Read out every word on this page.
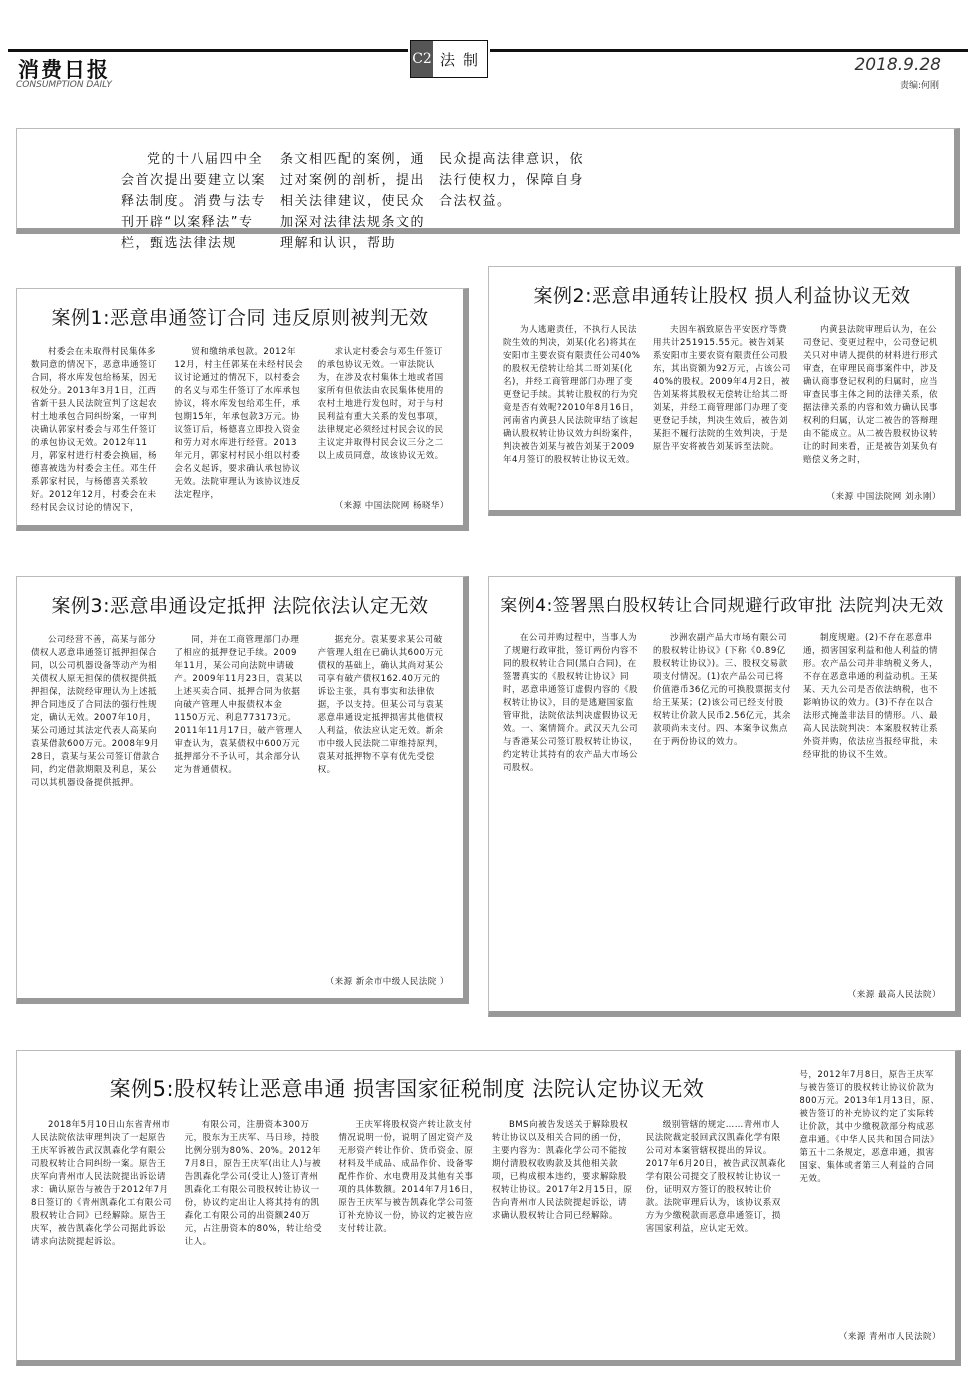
消费日报
CONSUMPTION DAILY
C2 法制	2018.9.28
责编:何刚
党的十八届四中全会首次提出要建立以案释法制度。消费与法专刊开辟“以案释法”专栏，甄选法律法规
条文相匹配的案例，通过对案例的剖析，提出相关法律建议，使民众加深对法律法规条文的理解和认识，帮助
民众提高法律意识，依法行使权力，保障自身合法权益。
案例1:恶意串通签订合同 违反原则被判无效

村委会在未取得村民集体多数同意的情况下，恶意串通签订合同，将水库发包给杨某，因无权处分。2013年3月1日，江西省新干县人民法院宣判了这起农村土地承包合同纠纷案，一审判决确认郭家村委会与邓生仟签订的承包协议无效。2012年11月，郭家村进行村委会换届，杨德喜被选为村委会主任。邓生仟系郭家村民，与杨德喜关系较好。2012年12月，村委会在未经村民会议讨论的情况下，

贸和缴纳承包款。2012年12月，村主任郭某在未经村民会议讨论通过的情况下，以村委会的名义与邓生仟签订了水库承包协议，将水库发包给邓生仟，承包期15年，年承包款3万元。协议签订后，杨德喜立即投入资金和劳力对水库进行经营。2013年元月，郭家村村民小组以村委会名义起诉，要求确认承包协议无效。法院审理认为该协议违反法定程序，

求认定村委会与邓生仟签订的承包协议无效。一审法院认为，在涉及农村集体土地或者国家所有但依法由农民集体使用的农村土地进行发包时，对于与村民利益有重大关系的发包事项，法律规定必须经过村民会议的民主议定并取得村民会议三分之二以上成员同意，故该协议无效。

（来源 中国法院网 杨晓华）
案例2:恶意串通转让股权 损人利益协议无效

为人逃避责任，不执行人民法院生效的判决，刘某(化名)将其在安阳市主要农资有限责任公司40%的股权无偿转让给其二哥刘某(化名)，并经工商管理部门办理了变更登记手续。其转让股权的行为究竟是否有效呢?2010年8月16日，河南省内黄县人民法院审结了该起确认股权转让协议效力纠纷案件，判决被告刘某与被告刘某于2009年4月签订的股权转让协议无效。

夫因车祸致原告平安医疗等费用共计251915.55元。被告刘某系安阳市主要农资有限责任公司股东，其出资额为92万元，占该公司40%的股权。2009年4月2日，被告刘某将其股权无偿转让给其二哥刘某，并经工商管理部门办理了变更登记手续，判决生效后，被告刘某拒不履行法院的生效判决，于是原告平安将被告刘某诉至法院。

内黄县法院审理后认为，在公司登记、变更过程中，公司登记机关只对申请人提供的材料进行形式审查，在审理民商事案件中，涉及确认商事登记权利的归属时，应当审查民事主体之间的法律关系，依据法律关系的内容和效力确认民事权利的归属，认定二被告的答辩理由不能成立。从二被告股权协议转让的时间来看，正是被告刘某负有赔偿义务之时，

（来源 中国法院网 刘永刚）
案例3:恶意串通设定抵押 法院依法认定无效

公司经营不善，高某与部分债权人恶意串通签订抵押担保合同，以公司机器设备等动产为相关债权人原无担保的债权提供抵押担保，法院经审理认为上述抵押合同违反了合同法的强行性规定，确认无效。2007年10月，某公司通过其法定代表人高某向袁某借款600万元。2008年9月28日，袁某与某公司签订借款合同，约定借款期限及利息，某公司以其机器设备提供抵押。

同，并在工商管理部门办理了相应的抵押登记手续。2009年11月，某公司向法院申请破产。2009年11月23日，袁某以上述买卖合同、抵押合同为依据向破产管理人申报债权本金1150万元、利息773173元。2011年11月17日，破产管理人审查认为，袁某债权中600万元抵押部分不予认可，其余部分认定为普通债权。

据充分。袁某要求某公司破产管理人组在已确认其600万元债权的基础上，确认其尚对某公司享有破产债权162.40万元的诉讼主张，具有事实和法律依据，予以支持。但某公司与袁某恶意串通设定抵押损害其他债权人利益，依法应认定无效。新余市中级人民法院二审维持原判，袁某对抵押物不享有优先受偿权。

（来源 新余市中级人民法院 ）
案例4:签署黑白股权转让合同规避行政审批 法院判决无效

在公司并购过程中，当事人为了规避行政审批，签订两份内容不同的股权转让合同(黑白合同)，在签署真实的《股权转让协议》同时，恶意串通签订虚假内容的《股权转让协议》，目的是逃避国家监管审批，法院依法判决虚假协议无效。一、案情简介。武汉天九公司与香港某公司签订股权转让协议，约定转让其持有的农产品大市场公司股权。

沙洲农副产品大市场有限公司的股权转让协议》(下称《0.89亿股权转让协议》)。三、股权交易款项支付情况。(1)农产品公司已将价值港币36亿元的可换股票据支付给王某某；(2)该公司已经支付股权转让价款人民币2.56亿元，其余款项尚未支付。四、本案争议焦点在于两份协议的效力。

制度规避。(2)不存在恶意串通，损害国家利益和他人利益的情形。农产品公司并非纳税义务人，不存在恶意串通的利益动机。王某某、天九公司是否依法纳税，也不影响协议的效力。(3)不存在以合法形式掩盖非法目的情形。八、最高人民法院判决：本案股权转让系外资并购，依法应当报经审批，未经审批的协议不生效。

（来源 最高人民法院）
案例5:股权转让恶意串通 损害国家征税制度 法院认定协议无效

2018年5月10日山东省青州市人民法院依法审理判决了一起原告王庆军诉被告武汉凯森化学有限公司股权转让合同纠纷一案。原告王庆军向青州市人民法院提出诉讼请求：确认原告与被告于2012年7月8日签订的《青州凯森化工有限公司股权转让合同》已经解除。原告王庆军，被告凯森化学公司据此诉讼请求向法院提起诉讼。

有限公司，注册资本300万元，股东为王庆军、马日珍，持股比例分别为80%、20%。2012年7月8日，原告王庆军(出让人)与被告凯森化学公司(受让人)签订青州凯森化工有限公司股权转让协议一份，协议约定出让人将其持有的凯森化工有限公司的出资额240万元，占注册资本的80%，转让给受让人。

王庆军将股权资产转让款支付情况说明一份，说明了固定资产及无形资产转让作价、货币资金、原材料及半成品、成品作价、设备零配件作价、水电费用及其他有关事项的具体数额。2014年7月16日，原告王庆军与被告凯森化学公司签订补充协议一份，协议约定被告应支付转让款。

BMS向被告发送关于解除股权转让协议以及相关合同的函一份，主要内容为：凯森化学公司不能按期付清股权收购款及其他相关款项，已构成根本违约，要求解除股权转让协议。2017年2月15日，原告向青州市人民法院提起诉讼，请求确认股权转让合同已经解除。

级别管辖的规定……青州市人民法院裁定驳回武汉凯森化学有限公司对本案管辖权提出的异议。2017年6月20日，被告武汉凯森化学有限公司提交了股权转让协议一份，证明双方签订的股权转让价款。法院审理后认为，该协议系双方为少缴税款而恶意串通签订，损害国家利益，应认定无效。

号，2012年7月8日，原告王庆军与被告签订的股权转让协议价款为800万元。2013年1月13日，原、被告签订的补充协议约定了实际转让价款，其中少缴税款部分构成恶意串通。《中华人民共和国合同法》第五十二条规定，恶意串通，损害国家、集体或者第三人利益的合同无效。

（来源 青州市人民法院）
